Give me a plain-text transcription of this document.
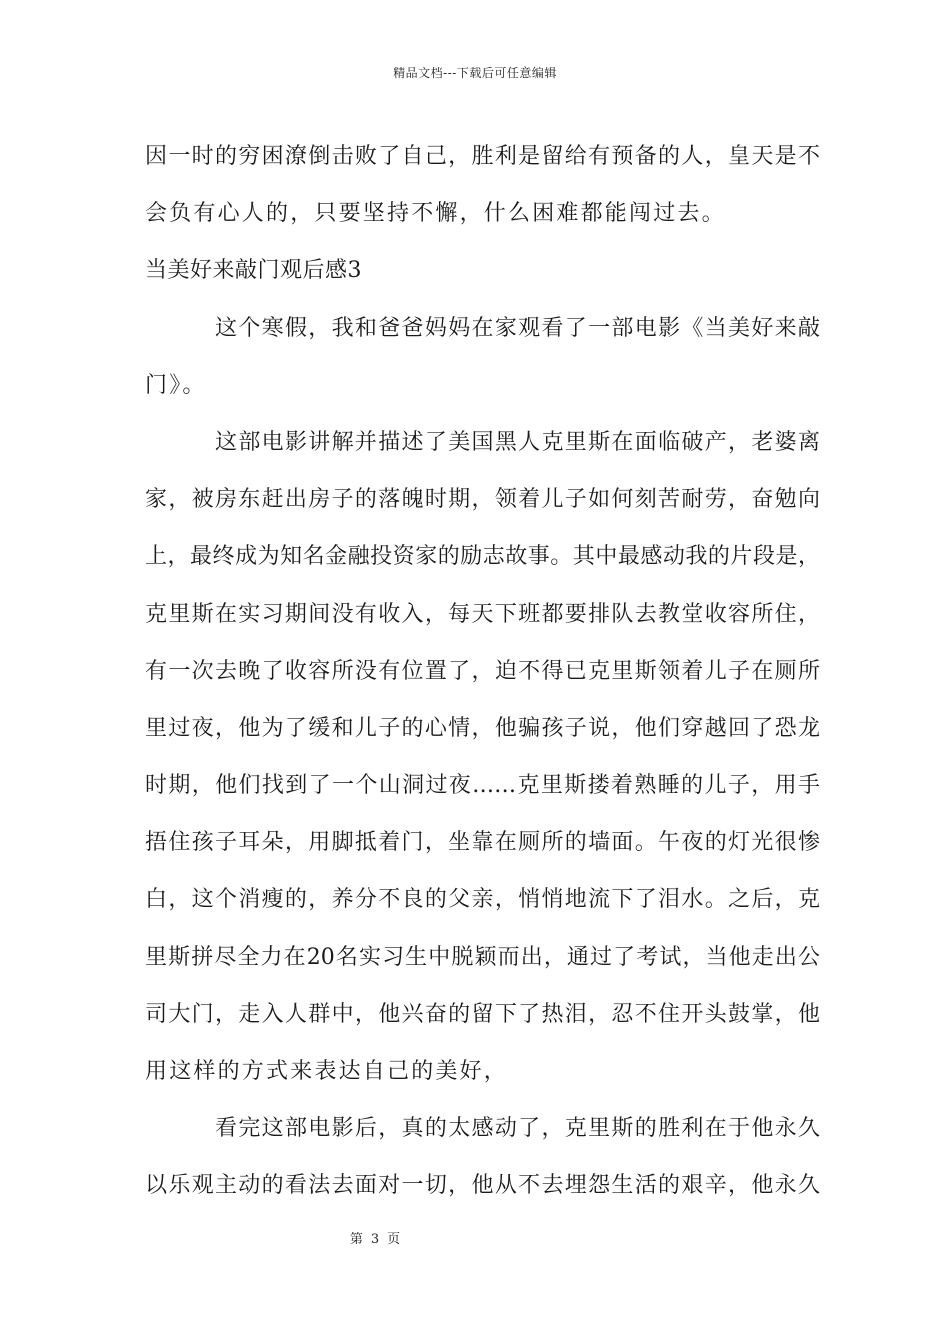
精品文档---下载后可任意编辑
因一时的穷困潦倒击败了自己，胜利是留给有预备的人，皇天是不
会负有心人的，只要坚持不懈，什么困难都能闯过去。
当美好来敲门观后感3
这个寒假，我和爸爸妈妈在家观看了一部电影《当美好来敲
门》。
这部电影讲解并描述了美国黑人克里斯在面临破产，老婆离
家，被房东赶出房子的落魄时期，领着儿子如何刻苦耐劳，奋勉向
上，最终成为知名金融投资家的励志故事。其中最感动我的片段是，
克里斯在实习期间没有收入，每天下班都要排队去教堂收容所住，
有一次去晚了收容所没有位置了，迫不得已克里斯领着儿子在厕所
里过夜，他为了缓和儿子的心情，他骗孩子说，他们穿越回了恐龙
时期，他们找到了一个山洞过夜……克里斯搂着熟睡的儿子，用手
捂住孩子耳朵，用脚抵着门，坐靠在厕所的墙面。午夜的灯光很惨
白，这个消瘦的，养分不良的父亲，悄悄地流下了泪水。之后，克
里斯拼尽全力在20名实习生中脱颖而出，通过了考试，当他走出公
司大门，走入人群中，他兴奋的留下了热泪，忍不住开头鼓掌，他
用这样的方式来表达自己的美好，
看完这部电影后，真的太感动了，克里斯的胜利在于他永久
以乐观主动的看法去面对一切，他从不去埋怨生活的艰辛，他永久
第 3 页
